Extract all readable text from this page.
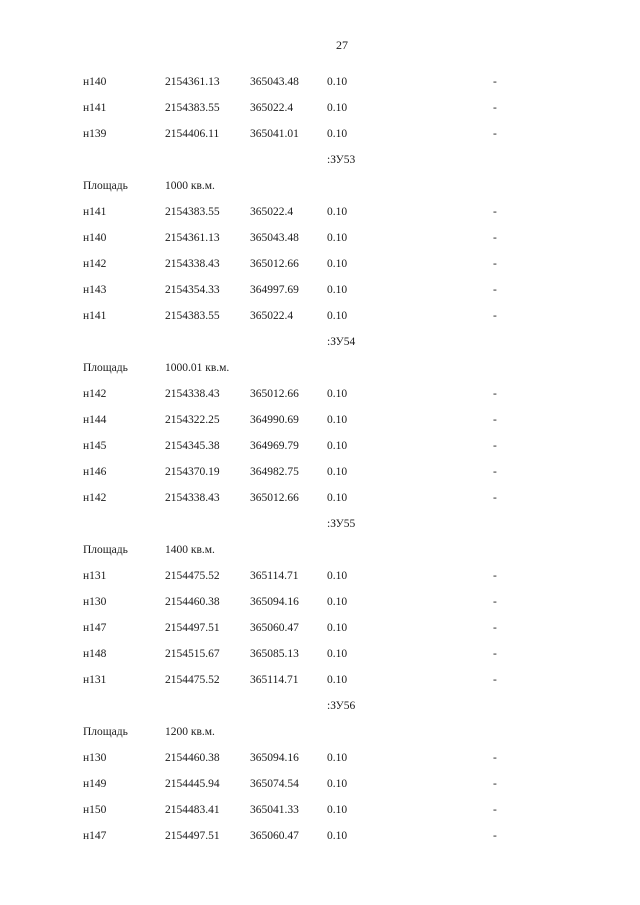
27
н140	2154361.13	365043.48 0.10	-
н141	2154383.55	365022.4	0.10	-
н139	2154406.11	365041.01 0.10	-
:ЗУ53
Площадь	1000 кв.м.
н141	2154383.55	365022.4	0.10	-
н140	2154361.13	365043.48 0.10	-
н142	2154338.43	365012.66 0.10	-
н143	2154354.33	364997.69 0.10	-
н141	2154383.55	365022.4	0.10	-
:ЗУ54
Площадь	1000.01 кв.м.
н142	2154338.43	365012.66 0.10	-
н144	2154322.25	364990.69 0.10	-
н145	2154345.38	364969.79 0.10	-
н146	2154370.19	364982.75 0.10	-
н142	2154338.43	365012.66 0.10	-
:ЗУ55
Площадь	1400 кв.м.
н131	2154475.52	365114.71 0.10	-
н130	2154460.38	365094.16 0.10	-
н147	2154497.51	365060.47 0.10	-
н148	2154515.67	365085.13 0.10	-
н131	2154475.52	365114.71 0.10	-
:ЗУ56
Площадь	1200 кв.м.
н130	2154460.38	365094.16 0.10	-
н149	2154445.94	365074.54 0.10	-
н150	2154483.41	365041.33 0.10	-
н147	2154497.51	365060.47 0.10	-
